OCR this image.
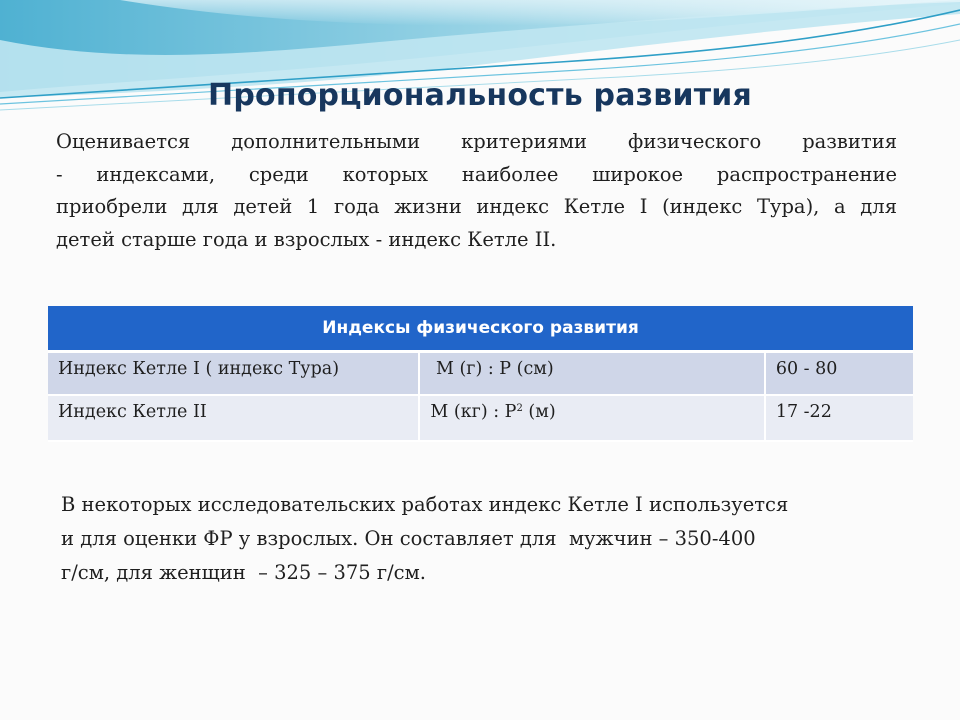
Пропорциональность развития
Оценивается дополнительными критериями физического развития
- индексами, среди которых наиболее широкое распространение
приобрели для детей 1 года жизни индекс Кетле I (индекс Тура), а для
детей старше года и взрослых - индекс Кетле II.
Индексы физического развития		
Индекс Кетле I ( индекс Тура)	М (г) : Р (см)	60 - 80
Индекс Кетле II	М (кг) : $Р^2$ (м)	17 -22
В некоторых исследовательских работах индекс Кетле I используется
и для оценки ФР у взрослых. Он составляет для  мужчин – 350-400
г/см, для женщин  – 325 – 375 г/см.
